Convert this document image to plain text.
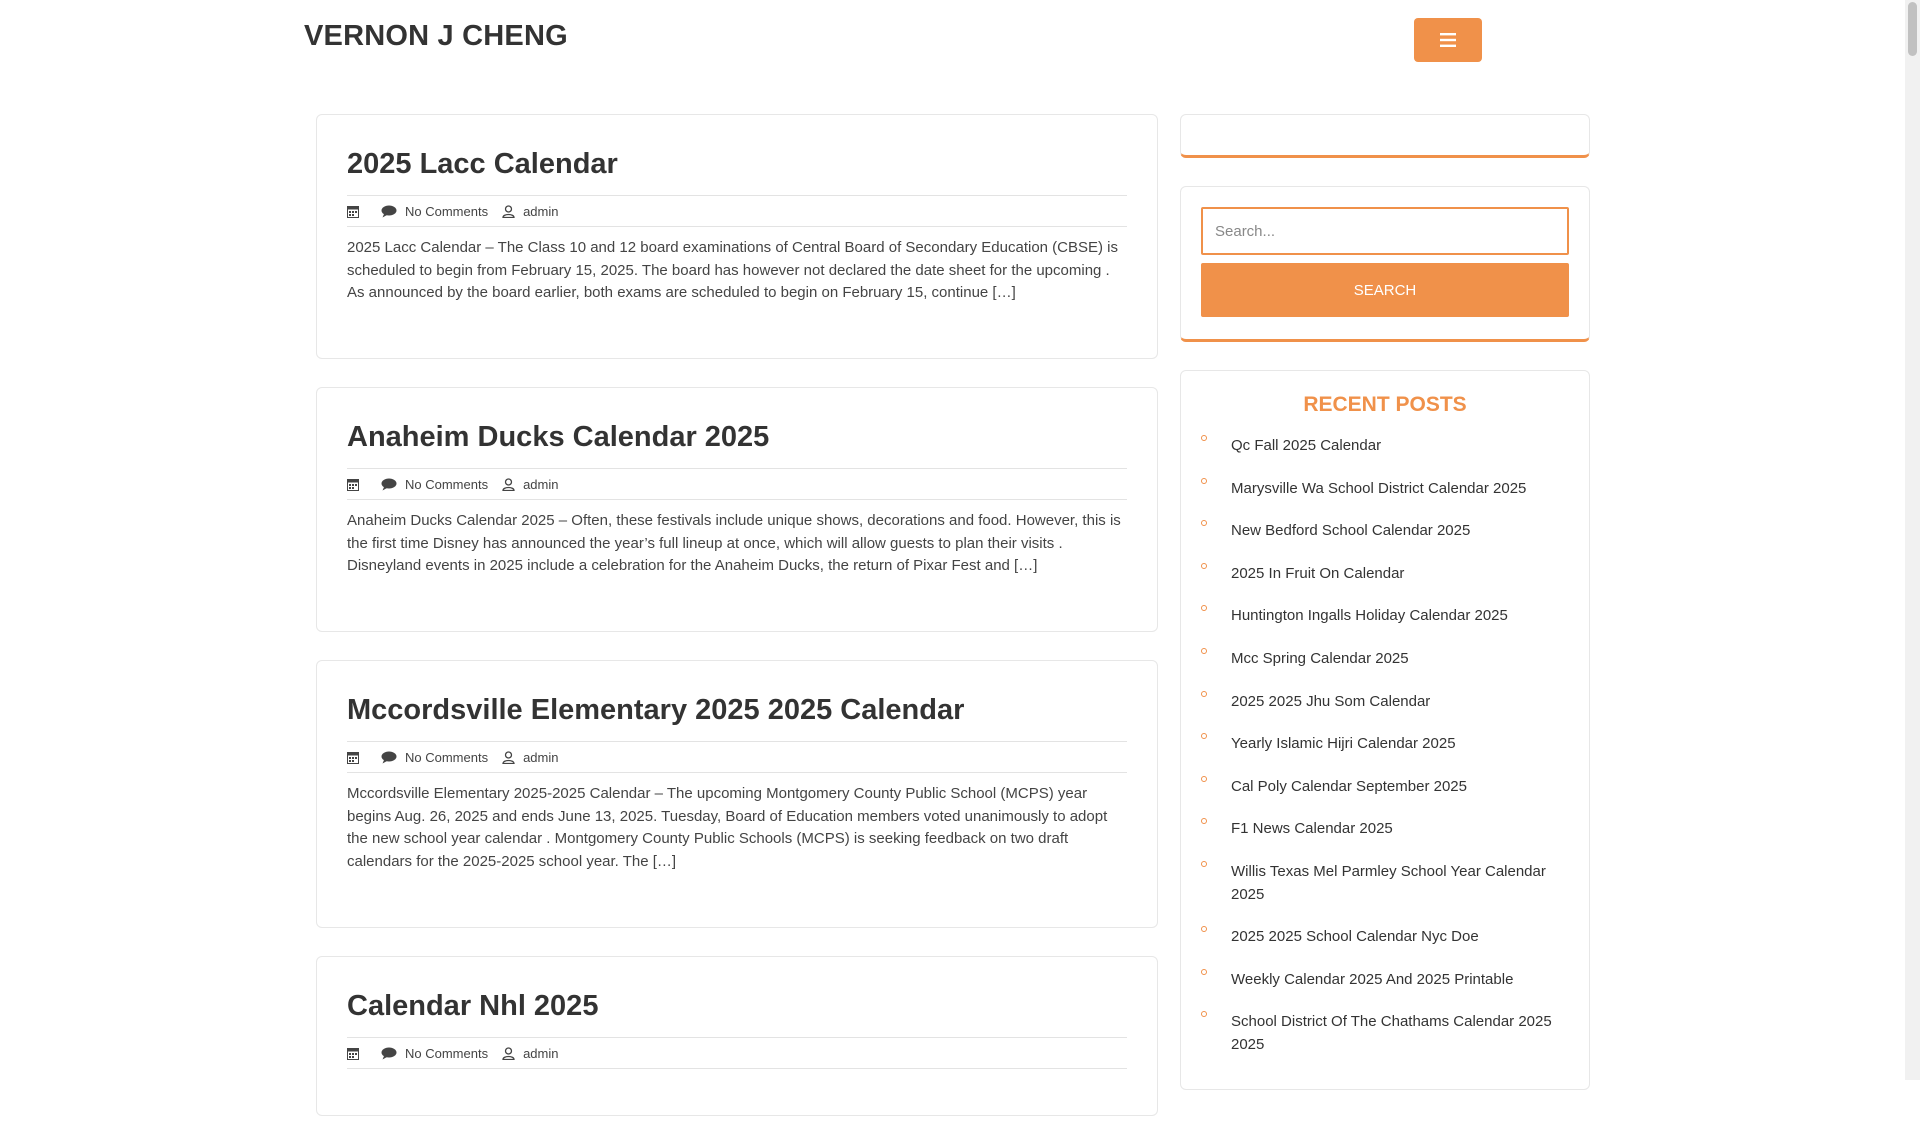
VERNON J CHENG
2025 Lacc Calendar
No Comments	admin

2025 Lacc Calendar – The Class 10 and 12 board examinations of Central Board of Secondary Education (CBSE) is scheduled to begin from February 15, 2025. The board has however not declared the date sheet for the upcoming . As announced by the board earlier, both exams are scheduled to begin on February 15, continue […]

Anaheim Ducks Calendar 2025
No Comments	admin

Anaheim Ducks Calendar 2025 – Often, these festivals include unique shows, decorations and food. However, this is the first time Disney has announced the year’s full lineup at once, which will allow guests to plan their visits . Disneyland events in 2025 include a celebration for the Anaheim Ducks, the return of Pixar Fest and […]

Mccordsville Elementary 2025 2025 Calendar
No Comments	admin

Mccordsville Elementary 2025-2025 Calendar – The upcoming Montgomery County Public School (MCPS) year begins Aug. 26, 2025 and ends June 13, 2025. Tuesday, Board of Education members voted unanimously to adopt the new school year calendar . Montgomery County Public Schools (MCPS) is seeking feedback on two draft calendars for the 2025-2025 school year. The […]

Calendar Nhl 2025
No Comments	admin
Search...
SEARCH
RECENT POSTS
Qc Fall 2025 Calendar
Marysville Wa School District Calendar 2025
New Bedford School Calendar 2025
2025 In Fruit On Calendar
Huntington Ingalls Holiday Calendar 2025
Mcc Spring Calendar 2025
2025 2025 Jhu Som Calendar
Yearly Islamic Hijri Calendar 2025
Cal Poly Calendar September 2025
F1 News Calendar 2025
Willis Texas Mel Parmley School Year Calendar 2025
2025 2025 School Calendar Nyc Doe
Weekly Calendar 2025 And 2025 Printable
School District Of The Chathams Calendar 2025 2025
